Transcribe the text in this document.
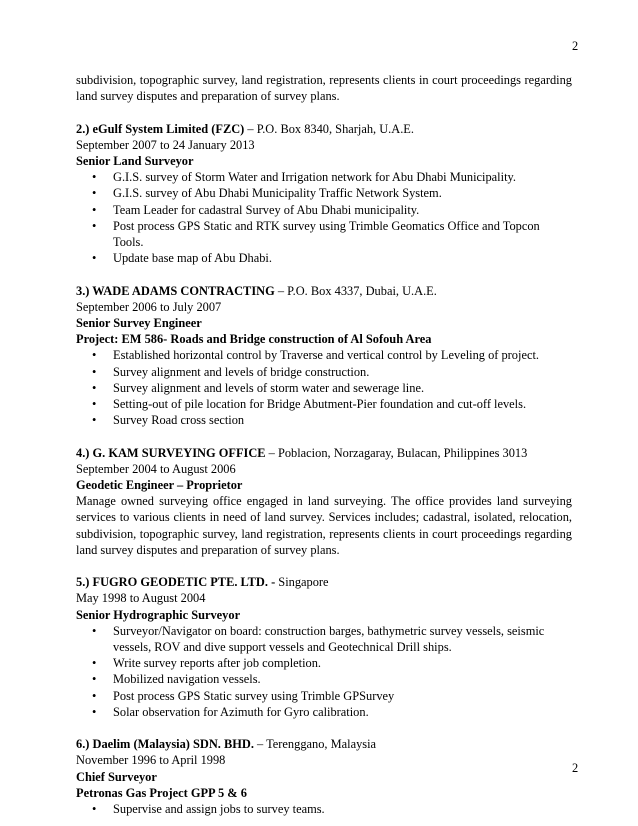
2

subdivision, topographic survey, land registration, represents clients in court proceedings regarding land survey disputes and preparation of survey plans.

2.) eGulf System Limited (FZC) – P.O. Box 8340, Sharjah, U.A.E.
September 2007 to 24 January 2013
Senior Land Surveyor
• G.I.S. survey of Storm Water and Irrigation network for Abu Dhabi Municipality.
• G.I.S. survey of Abu Dhabi Municipality Traffic Network System.
• Team Leader for cadastral Survey of Abu Dhabi municipality.
• Post process GPS Static and RTK survey using Trimble Geomatics Office and Topcon Tools.
• Update base map of Abu Dhabi.
3.) WADE ADAMS CONTRACTING – P.O. Box 4337, Dubai, U.A.E.
September 2006 to July 2007
Senior Survey Engineer
Project: EM 586- Roads and Bridge construction of Al Sofouh Area
• Established horizontal control by Traverse and vertical control by Leveling of project.
• Survey alignment and levels of bridge construction.
• Survey alignment and levels of storm water and sewerage line.
• Setting-out of pile location for Bridge Abutment-Pier foundation and cut-off levels.
• Survey Road cross section
4.) G. KAM SURVEYING OFFICE – Poblacion, Norzagaray, Bulacan, Philippines 3013
September 2004 to August 2006
Geodetic Engineer – Proprietor

Manage owned surveying office engaged in land surveying. The office provides land surveying services to various clients in need of land survey. Services includes; cadastral, isolated, relocation, subdivision, topographic survey, land registration, represents clients in court proceedings regarding land survey disputes and preparation of survey plans.

5.) FUGRO GEODETIC PTE. LTD. - Singapore
May 1998 to August 2004
Senior Hydrographic Surveyor
• Surveyor/Navigator on board: construction barges, bathymetric survey vessels, seismic vessels, ROV and dive support vessels and Geotechnical Drill ships.
• Write survey reports after job completion.
• Mobilized navigation vessels.
• Post process GPS Static survey using Trimble GPSurvey
• Solar observation for Azimuth for Gyro calibration.
6.) Daelim (Malaysia) SDN. BHD. – Terenggano, Malaysia
November 1996 to April 1998
Chief Surveyor
Petronas Gas Project GPP 5 & 6
• Supervise and assign jobs to survey teams.
2
